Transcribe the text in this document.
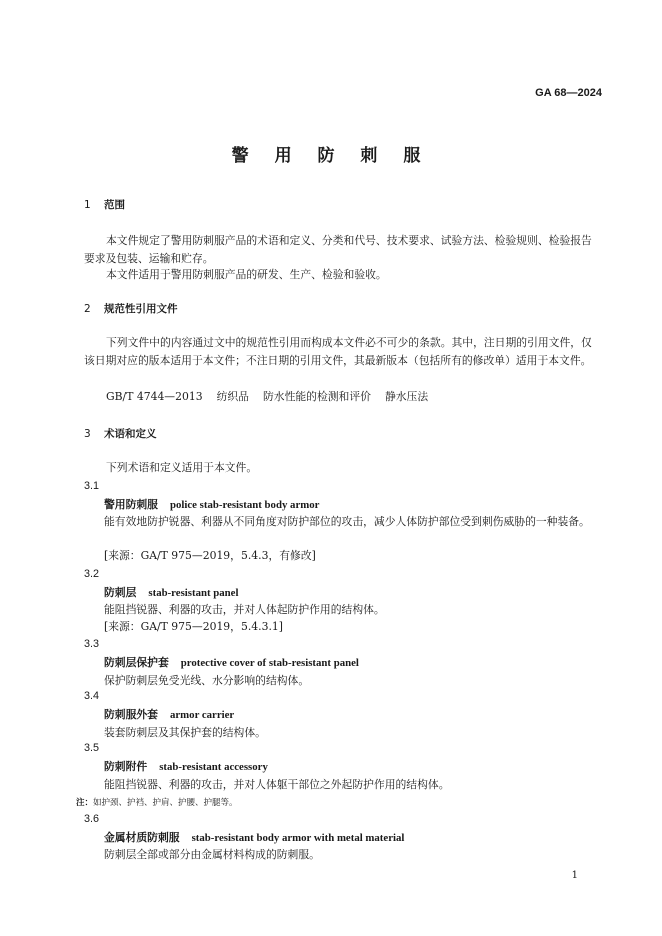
GA 68—2024
警 用 防 刺 服
1 范围
本文件规定了警用防刺服产品的术语和定义、分类和代号、技术要求、试验方法、检验规则、检验报告要求及包装、运输和贮存。
本文件适用于警用防刺服产品的研发、生产、检验和验收。
2 规范性引用文件
下列文件中的内容通过文中的规范性引用而构成本文件必不可少的条款。其中，注日期的引用文件，仅该日期对应的版本适用于本文件；不注日期的引用文件，其最新版本（包括所有的修改单）适用于本文件。
GB/T 4744—2013 纺织品 防水性能的检测和评价 静水压法
3 术语和定义
下列术语和定义适用于本文件。
3.1
警用防刺服 police stab-resistant body armor
能有效地防护锐器、利器从不同角度对防护部位的攻击，减少人体防护部位受到刺伤威胁的一种装备。
[来源：GA/T 975—2019，5.4.3，有修改]
3.2
防刺层 stab-resistant panel
能阻挡锐器、利器的攻击，并对人体起防护作用的结构体。
[来源：GA/T 975—2019，5.4.3.1]
3.3
防刺层保护套 protective cover of stab-resistant panel
保护防刺层免受光线、水分影响的结构体。
3.4
防刺服外套 armor carrier
装套防刺层及其保护套的结构体。
3.5
防刺附件 stab-resistant accessory
能阻挡锐器、利器的攻击，并对人体躯干部位之外起防护作用的结构体。
注：如护颈、护裆、护肩、护腰、护腿等。
3.6
金属材质防刺服 stab-resistant body armor with metal material
防刺层全部或部分由金属材料构成的防刺服。
1
